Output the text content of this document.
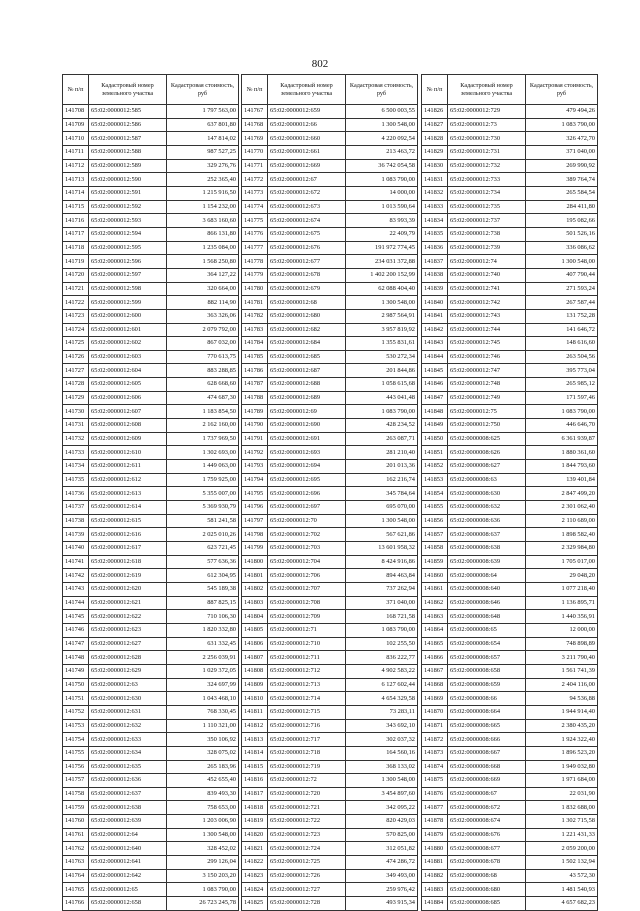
802
№ п/п	Кадастровый номер земельного участка	Кадастровая стоимость, руб
141708	65:02:0000012:585	1 797 563,00
141709	65:02:0000012:586	637 801,80
141710	65:02:0000012:587	147 814,02
141711	65:02:0000012:588	987 527,25
141712	65:02:0000012:589	329 276,76
141713	65:02:0000012:590	252 365,40
141714	65:02:0000012:591	1 215 916,50
141715	65:02:0000012:592	1 154 232,00
141716	65:02:0000012:593	3 683 160,60
141717	65:02:0000012:594	866 131,80
141718	65:02:0000012:595	1 235 084,00
141719	65:02:0000012:596	1 568 250,80
141720	65:02:0000012:597	364 127,22
141721	65:02:0000012:598	320 664,00
141722	65:02:0000012:599	882 114,90
141723	65:02:0000012:600	363 326,06
141724	65:02:0000012:601	2 079 792,00
141725	65:02:0000012:602	867 032,00
141726	65:02:0000012:603	770 613,75
141727	65:02:0000012:604	883 288,85
141728	65:02:0000012:605	628 668,60
141729	65:02:0000012:606	474 687,30
141730	65:02:0000012:607	1 183 854,50
141731	65:02:0000012:608	2 162 160,00
141732	65:02:0000012:609	1 737 969,50
141733	65:02:0000012:610	1 302 693,00
141734	65:02:0000012:611	1 449 063,00
141735	65:02:0000012:612	1 759 925,00
141736	65:02:0000012:613	5 355 007,00
141737	65:02:0000012:614	5 369 930,79
141738	65:02:0000012:615	581 241,58
141739	65:02:0000012:616	2 025 010,26
141740	65:02:0000012:617	623 721,45
141741	65:02:0000012:618	577 636,36
141742	65:02:0000012:619	612 304,95
141743	65:02:0000012:620	545 189,38
141744	65:02:0000012:621	887 825,15
141745	65:02:0000012:622	710 106,30
141746	65:02:0000012:623	1 820 332,80
141747	65:02:0000012:627	631 332,45
141748	65:02:0000012:628	2 256 039,91
141749	65:02:0000012:629	1 029 372,05
141750	65:02:0000012:63	324 697,99
141751	65:02:0000012:630	1 043 468,10
141752	65:02:0000012:631	768 330,45
141753	65:02:0000012:632	1 110 321,00
141754	65:02:0000012:633	350 106,92
141755	65:02:0000012:634	328 075,02
141756	65:02:0000012:635	265 183,96
141757	65:02:0000012:636	452 655,40
141758	65:02:0000012:637	839 493,30
141759	65:02:0000012:638	758 653,00
141760	65:02:0000012:639	1 203 006,90
141761	65:02:0000012:64	1 300 548,00
141762	65:02:0000012:640	328 452,02
141763	65:02:0000012:641	299 126,04
141764	65:02:0000012:642	3 150 203,20
141765	65:02:0000012:65	1 083 790,00
141766	65:02:0000012:658	26 723 245,78
№ п/п	Кадастровый номер земельного участка	Кадастровая стоимость, руб
141767	65:02:0000012:659	6 500 003,55
141768	65:02:0000012:66	1 300 548,00
141769	65:02:0000012:660	4 220 092,54
141770	65:02:0000012:661	213 463,72
141771	65:02:0000012:669	36 742 054,58
141772	65:02:0000012:67	1 083 790,00
141773	65:02:0000012:672	14 000,00
141774	65:02:0000012:673	1 013 590,64
141775	65:02:0000012:674	83 993,39
141776	65:02:0000012:675	22 409,79
141777	65:02:0000012:676	191 972 774,45
141778	65:02:0000012:677	234 031 372,88
141779	65:02:0000012:678	1 402 200 152,99
141780	65:02:0000012:679	62 088 404,40
141781	65:02:0000012:68	1 300 548,00
141782	65:02:0000012:680	2 987 564,91
141783	65:02:0000012:682	3 957 819,92
141784	65:02:0000012:684	1 355 831,61
141785	65:02:0000012:685	530 272,34
141786	65:02:0000012:687	201 844,86
141787	65:02:0000012:688	1 058 615,68
141788	65:02:0000012:689	443 041,48
141789	65:02:0000012:69	1 083 790,00
141790	65:02:0000012:690	428 234,52
141791	65:02:0000012:691	263 087,71
141792	65:02:0000012:693	281 210,40
141793	65:02:0000012:694	201 013,36
141794	65:02:0000012:695	162 216,74
141795	65:02:0000012:696	345 784,64
141796	65:02:0000012:697	695 070,00
141797	65:02:0000012:70	1 300 548,00
141798	65:02:0000012:702	567 621,86
141799	65:02:0000012:703	13 601 958,32
141800	65:02:0000012:704	8 424 916,86
141801	65:02:0000012:706	894 463,84
141802	65:02:0000012:707	737 262,94
141803	65:02:0000012:708	371 040,00
141804	65:02:0000012:709	168 721,58
141805	65:02:0000012:71	1 083 790,00
141806	65:02:0000012:710	102 255,50
141807	65:02:0000012:711	836 222,77
141808	65:02:0000012:712	4 902 583,22
141809	65:02:0000012:713	6 127 602,44
141810	65:02:0000012:714	4 654 329,58
141811	65:02:0000012:715	73 283,11
141812	65:02:0000012:716	343 692,10
141813	65:02:0000012:717	302 037,32
141814	65:02:0000012:718	164 560,16
141815	65:02:0000012:719	368 133,02
141816	65:02:0000012:72	1 300 548,00
141817	65:02:0000012:720	3 454 897,60
141818	65:02:0000012:721	342 095,22
141819	65:02:0000012:722	820 429,03
141820	65:02:0000012:723	570 825,00
141821	65:02:0000012:724	312 051,82
141822	65:02:0000012:725	474 286,72
141823	65:02:0000012:726	349 493,00
141824	65:02:0000012:727	259 976,42
141825	65:02:0000012:728	493 915,34
№ п/п	Кадастровый номер земельного участка	Кадастровая стоимость, руб
141826	65:02:0000012:729	479 494,26
141827	65:02:0000012:73	1 083 790,00
141828	65:02:0000012:730	326 472,70
141829	65:02:0000012:731	371 040,00
141830	65:02:0000012:732	269 990,92
141831	65:02:0000012:733	389 764,74
141832	65:02:0000012:734	265 584,54
141833	65:02:0000012:735	284 411,80
141834	65:02:0000012:737	195 082,66
141835	65:02:0000012:738	501 526,16
141836	65:02:0000012:739	336 086,62
141837	65:02:0000012:74	1 300 548,00
141838	65:02:0000012:740	407 790,44
141839	65:02:0000012:741	271 593,24
141840	65:02:0000012:742	267 587,44
141841	65:02:0000012:743	131 752,28
141842	65:02:0000012:744	141 646,72
141843	65:02:0000012:745	148 616,60
141844	65:02:0000012:746	263 504,56
141845	65:02:0000012:747	395 773,04
141846	65:02:0000012:748	265 985,12
141847	65:02:0000012:749	171 597,46
141848	65:02:0000012:75	1 083 790,00
141849	65:02:0000012:750	446 646,70
141850	65:02:0000008:625	6 361 939,87
141851	65:02:0000008:626	1 880 361,60
141852	65:02:0000008:627	1 844 793,60
141853	65:02:0000008:63	139 401,84
141854	65:02:0000008:630	2 847 499,20
141855	65:02:0000008:632	2 301 062,40
141856	65:02:0000008:636	2 110 689,00
141857	65:02:0000008:637	1 898 582,40
141858	65:02:0000008:638	2 329 984,80
141859	65:02:0000008:639	1 705 017,00
141860	65:02:0000008:64	29 048,20
141861	65:02:0000008:640	1 077 218,40
141862	65:02:0000008:646	1 136 895,71
141863	65:02:0000008:648	1 440 356,91
141864	65:02:0000008:65	12 000,00
141865	65:02:0000008:654	748 898,89
141866	65:02:0000008:657	3 211 790,40
141867	65:02:0000008:658	1 561 741,39
141868	65:02:0000008:659	2 404 116,00
141869	65:02:0000008:66	94 536,88
141870	65:02:0000008:664	1 944 914,40
141871	65:02:0000008:665	2 380 435,20
141872	65:02:0000008:666	1 924 322,40
141873	65:02:0000008:667	1 896 523,20
141874	65:02:0000008:668	1 949 032,80
141875	65:02:0000008:669	1 971 684,00
141876	65:02:0000008:67	22 031,90
141877	65:02:0000008:672	1 832 688,00
141878	65:02:0000008:674	1 302 715,58
141879	65:02:0000008:676	1 221 431,33
141880	65:02:0000008:677	2 059 200,00
141881	65:02:0000008:678	1 502 132,94
141882	65:02:0000008:68	43 572,30
141883	65:02:0000008:680	1 481 540,93
141884	65:02:0000008:685	4 657 682,23
